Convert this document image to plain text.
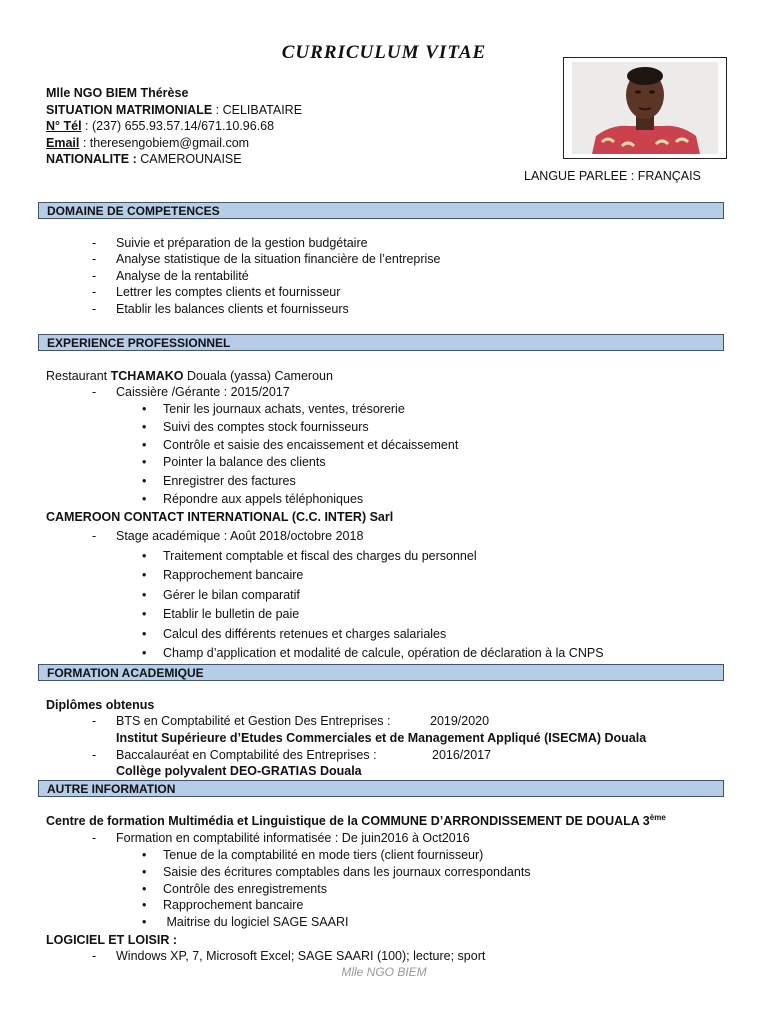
CURRICULUM VITAE
Mlle NGO BIEM Thérèse
SITUATION MATRIMONIALE : CELIBATAIRE
N° Tél : (237) 655.93.57.14/671.10.96.68
Email : theresengobiem@gmail.com
NATIONALITE : CAMEROUNAISE
LANGUE PARLEE : FRANÇAIS
DOMAINE DE COMPETENCES
- Suivie et préparation de la gestion budgétaire
- Analyse statistique de la situation financière de l’entreprise
- Analyse de la rentabilité
- Lettrer les comptes clients et fournisseur
- Etablir les balances clients et fournisseurs
EXPERIENCE PROFESSIONNEL
Restaurant TCHAMAKO Douala (yassa) Cameroun
- Caissière /Gérante : 2015/2017
• Tenir les journaux achats, ventes, trésorerie
• Suivi des comptes stock fournisseurs
• Contrôle et saisie des encaissement et décaissement
• Pointer la balance des clients
• Enregistrer des factures
• Répondre aux appels téléphoniques
CAMEROON CONTACT INTERNATIONAL (C.C. INTER) Sarl
- Stage académique : Août 2018/octobre 2018
• Traitement comptable et fiscal des charges du personnel
• Rapprochement bancaire
• Gérer le bilan comparatif
• Etablir le bulletin de paie
• Calcul des différents retenues et charges salariales
• Champ d’application et modalité de calcule, opération de déclaration à la CNPS
FORMATION ACADEMIQUE
Diplômes obtenus
- BTS en Comptabilité et Gestion Des Entreprises :	2019/2020
Institut Supérieure d’Etudes Commerciales et de Management Appliqué (ISECMA) Douala
- Baccalauréat en Comptabilité des Entreprises :	2016/2017
Collège polyvalent DEO-GRATIAS Douala
AUTRE INFORMATION
Centre de formation Multimédia et Linguistique de la COMMUNE D’ARRONDISSEMENT DE DOUALA 3ème
- Formation en comptabilité informatisée : De juin2016 à Oct2016
• Tenue de la comptabilité en mode tiers (client fournisseur)
• Saisie des écritures comptables dans les journaux correspondants
• Contrôle des enregistrements
• Rapprochement bancaire
• Maitrise du logiciel SAGE SAARI
LOGICIEL ET LOISIR :
- Windows XP, 7, Microsoft Excel; SAGE SAARI (100); lecture; sport
Mlle NGO BIEM
